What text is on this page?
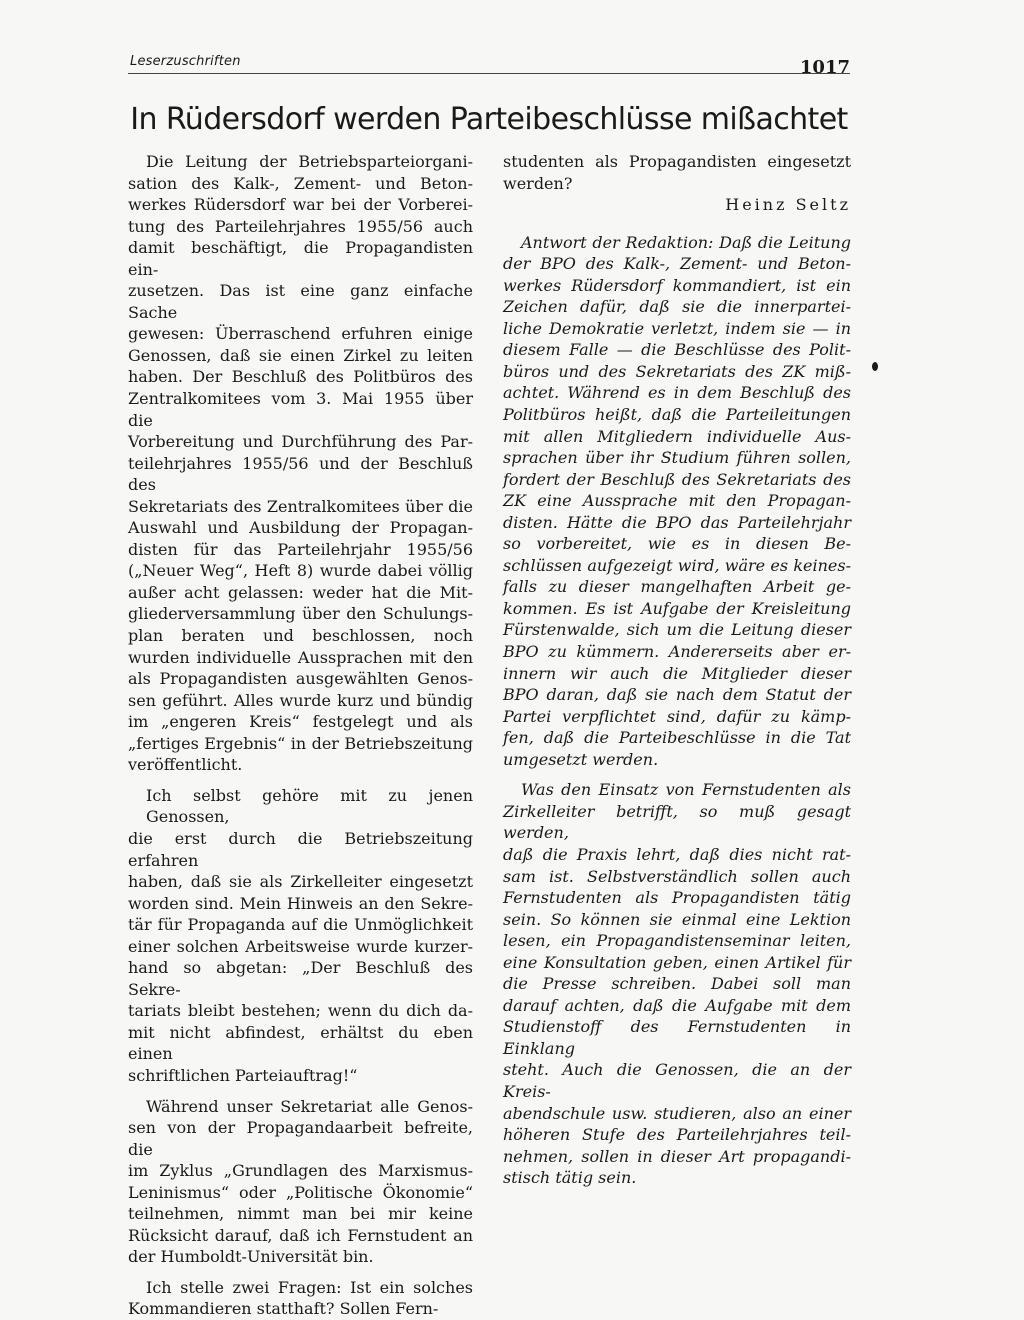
Leserzuschriften	1017
In Rüdersdorf werden Parteibeschlüsse mißachtet

Die Leitung der Betriebsparteiorgani-
sation des Kalk-, Zement- und Beton-
werkes Rüdersdorf war bei der Vorberei-
tung des Parteilehrjahres 1955/56 auch
damit beschäftigt, die Propagandisten ein-
zusetzen. Das ist eine ganz einfache Sache
gewesen: Überraschend erfuhren einige
Genossen, daß sie einen Zirkel zu leiten
haben. Der Beschluß des Politbüros des
Zentralkomitees vom 3. Mai 1955 über die
Vorbereitung und Durchführung des Par-
teilehrjahres 1955/56 und der Beschluß des
Sekretariats des Zentralkomitees über die
Auswahl und Ausbildung der Propagan-
disten für das Parteilehrjahr 1955/56
(„Neuer Weg“, Heft 8) wurde dabei völlig
außer acht gelassen: weder hat die Mit-
gliederversammlung über den Schulungs-
plan beraten und beschlossen, noch
wurden individuelle Aussprachen mit den
als Propagandisten ausgewählten Genos-
sen geführt. Alles wurde kurz und bündig
im „engeren Kreis“ festgelegt und als
„fertiges Ergebnis“ in der Betriebszeitung
veröffentlicht.

Ich selbst gehöre mit zu jenen Genossen,
die erst durch die Betriebszeitung erfahren
haben, daß sie als Zirkelleiter eingesetzt
worden sind. Mein Hinweis an den Sekre-
tär für Propaganda auf die Unmöglichkeit
einer solchen Arbeitsweise wurde kurzer-
hand so abgetan: „Der Beschluß des Sekre-
tariats bleibt bestehen; wenn du dich da-
mit nicht abfindest, erhältst du eben einen
schriftlichen Parteiauftrag!“

Während unser Sekretariat alle Genos-
sen von der Propagandaarbeit befreite, die
im Zyklus „Grundlagen des Marxismus-
Leninismus“ oder „Politische Ökonomie“
teilnehmen, nimmt man bei mir keine
Rücksicht darauf, daß ich Fernstudent an
der Humboldt-Universität bin.

Ich stelle zwei Fragen: Ist ein solches
Kommandieren statthaft? Sollen Fern-

studenten als Propagandisten eingesetzt
werden?
Heinz Seltz

Antwort der Redaktion: Daß die Leitung
der BPO des Kalk-, Zement- und Beton-
werkes Rüdersdorf kommandiert, ist ein
Zeichen dafür, daß sie die innerpartei-
liche Demokratie verletzt, indem sie — in
diesem Falle — die Beschlüsse des Polit-
büros und des Sekretariats des ZK miß-
achtet. Während es in dem Beschluß des
Politbüros heißt, daß die Parteileitungen
mit allen Mitgliedern individuelle Aus-
sprachen über ihr Studium führen sollen,
fordert der Beschluß des Sekretariats des
ZK eine Aussprache mit den Propagan-
disten. Hätte die BPO das Parteilehrjahr
so vorbereitet, wie es in diesen Be-
schlüssen aufgezeigt wird, wäre es keines-
falls zu dieser mangelhaften Arbeit ge-
kommen. Es ist Aufgabe der Kreisleitung
Fürstenwalde, sich um die Leitung dieser
BPO zu kümmern. Andererseits aber er-
innern wir auch die Mitglieder dieser
BPO daran, daß sie nach dem Statut der
Partei verpflichtet sind, dafür zu kämp-
fen, daß die Parteibeschlüsse in die Tat
umgesetzt werden.

Was den Einsatz von Fernstudenten als
Zirkelleiter betrifft, so muß gesagt werden,
daß die Praxis lehrt, daß dies nicht rat-
sam ist. Selbstverständlich sollen auch
Fernstudenten als Propagandisten tätig
sein. So können sie einmal eine Lektion
lesen, ein Propagandistenseminar leiten,
eine Konsultation geben, einen Artikel für
die Presse schreiben. Dabei soll man
darauf achten, daß die Aufgabe mit dem
Studienstoff des Fernstudenten in Einklang
steht. Auch die Genossen, die an der Kreis-
abendschule usw. studieren, also an einer
höheren Stufe des Parteilehrjahres teil-
nehmen, sollen in dieser Art propagandi-
stisch tätig sein.
